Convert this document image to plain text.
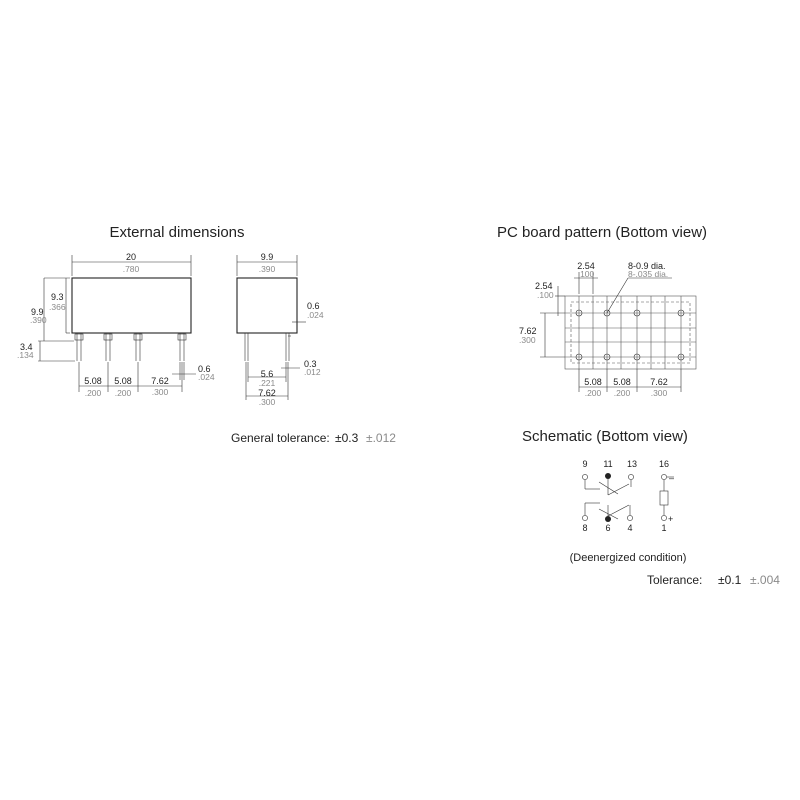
External dimensions
20
.780
9.3
.366
9.9
.390
3.4
.134
5.08
.200
5.08
.200
7.62
.300
0.6
.024
9.9
.390
0.6
.024
0.3
.012
5.6
.221
7.62
.300
General tolerance: ±0.3 ±.012
PC board pattern (Bottom view)
2.54
.100
8-0.9 dia.
8-.035 dia.
2.54
.100
7.62
.300
5.08
.200
5.08
.200
7.62
.300
Schematic (Bottom view)
9 11 13 16
8 6 4	1
–
+
(Deenergized condition)
Tolerance: ±0.1 ±.004
